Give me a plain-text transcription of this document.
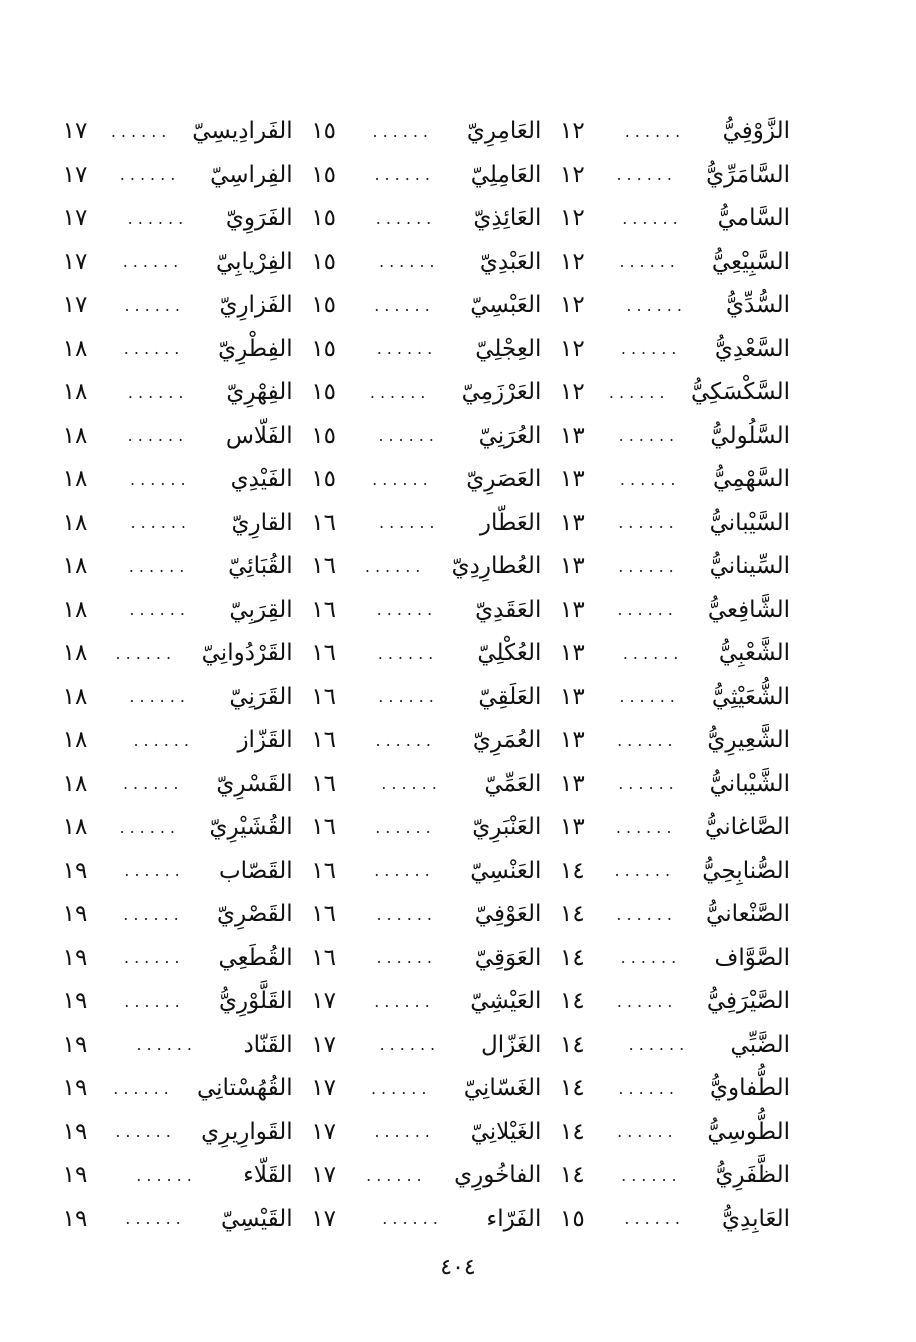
الزَّوْفِيُّ
......
١٢
السَّامَرِّيُّ
......
١٢
السَّاميُّ
......
١٢
السَّبِيْعِيُّ
......
١٢
السُّدِّيُّ
......
١٢
السَّعْدِيُّ
......
١٢
السَّكْسَكِيُّ
......
١٢
السَّلُوليُّ
......
١٣
السَّهْمِيُّ
......
١٣
السَّيْبانيُّ
......
١٣
السِّينانيُّ
......
١٣
الشَّافِعيُّ
......
١٣
الشَّعْبِيُّ
......
١٣
الشُّعَيْثِيُّ
......
١٣
الشَّعِيرِيُّ
......
١٣
الشَّيْبانيُّ
......
١٣
الصَّاغانيُّ
......
١٣
الصُّنابِحِيُّ
......
١٤
الصَّنْعانيُّ
......
١٤
الصَّوَّاف
......
١٤
الصَّيْرَفِيُّ
......
١٤
الضَّبِّي
......
١٤
الطُّفاويُّ
......
١٤
الطُّوسِيُّ
......
١٤
الظَّفَرِيُّ
......
١٤
العَابِدِيُّ
......
١٥
العَامِرِيّ
......
١٥
العَامِلِيّ
......
١٥
العَائِذِيّ
......
١٥
العَبْدِيّ
......
١٥
العَبْسِيّ
......
١٥
العِجْلِيّ
......
١٥
العَرْزَمِيّ
......
١٥
العُرَنِيّ
......
١٥
العَصَرِيّ
......
١٥
العَطّار
......
١٦
العُطارِدِيّ
......
١٦
العَقَدِيّ
......
١٦
العُكْلِيّ
......
١٦
العَلَقِيّ
......
١٦
العُمَرِيّ
......
١٦
العَمِّيّ
......
١٦
العَنْبَرِيّ
......
١٦
العَنْسِيّ
......
١٦
العَوْفِيّ
......
١٦
العَوَقِيّ
......
١٦
العَيْشِيّ
......
١٧
الغَزّال
......
١٧
الغَسّانِيّ
......
١٧
الغَيْلانِيّ
......
١٧
الفاخُورِي
......
١٧
الفَرّاء
......
١٧
الفَرادِيسِيّ
......
١٧
الفِراسِيّ
......
١٧
الفَرَوِيّ
......
١٧
الفِرْيابِيّ
......
١٧
الفَزارِيّ
......
١٧
الفِطْرِيّ
......
١٨
الفِهْرِيّ
......
١٨
الفَلّاس
......
١٨
الفَيْدِي
......
١٨
القارِيّ
......
١٨
القُبَائِيّ
......
١٨
القِرَبِيّ
......
١٨
القَرْدُوانِيّ
......
١٨
القَرَنِيّ
......
١٨
القَزّاز
......
١٨
القَسْرِيّ
......
١٨
القُشَيْرِيّ
......
١٨
القَصّاب
......
١٩
القَصْرِيّ
......
١٩
القُطَعِي
......
١٩
القَلَّوْرِيُّ
......
١٩
القَنّاد
......
١٩
القُهُسْتانِي
......
١٩
القَوارِيرِي
......
١٩
القَلّاء
......
١٩
القَيْسِيّ
......
١٩
٤٠٤
